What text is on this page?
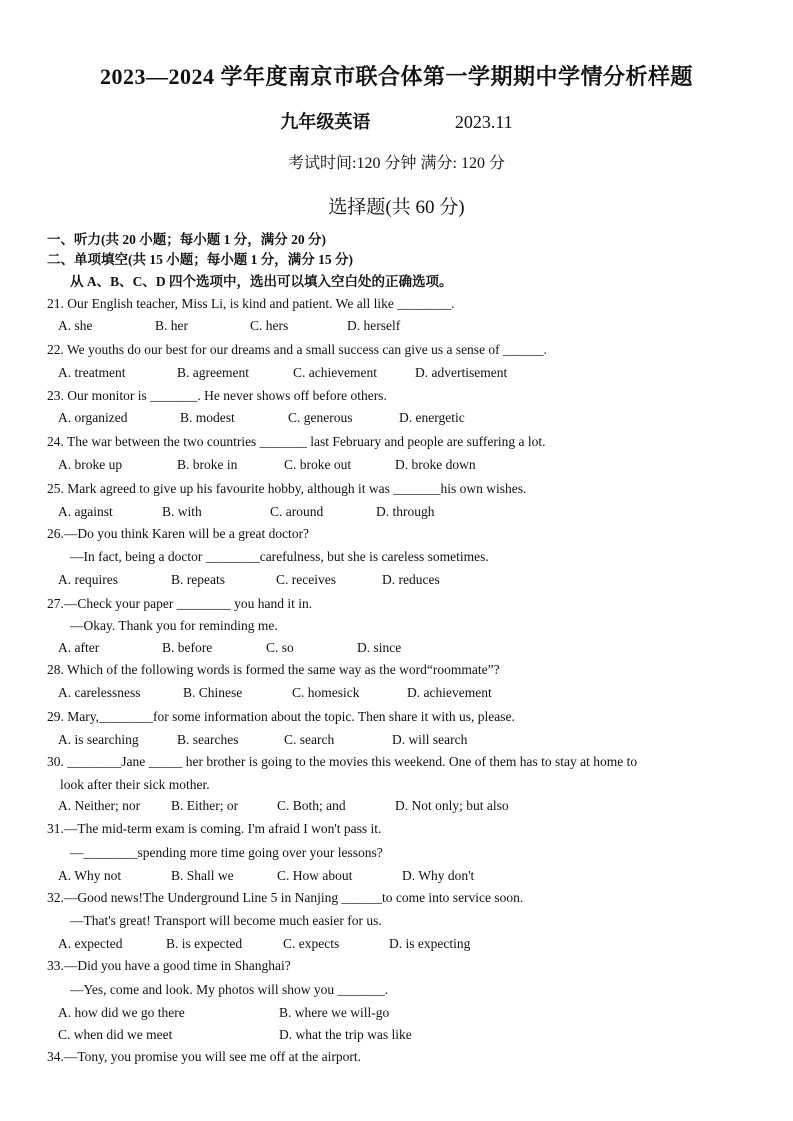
2023—2024 学年度南京市联合体第一学期期中学情分析样题
九年级英语	2023.11
考试时间:120 分钟 满分: 120 分
选择题(共 60 分)
一、听力(共 20 小题；每小题 1 分，满分 20 分)
二、单项填空(共 15 小题；每小题 1 分，满分 15 分)
从 A、B、C、D 四个选项中，选出可以填入空白处的正确选项。
21. Our English teacher, Miss Li, is kind and patient. We all like ________.
A. she	B. her	C. hers	D. herself
22. We youths do our best for our dreams and a small success can give us a sense of ______.
A. treatment	B. agreement	C. achievement	D. advertisement
23. Our monitor is _______. He never shows off before others.
A. organized	B. modest	C. generous	D. energetic
24. The war between the two countries _______ last February and people are suffering a lot.
A. broke up	B. broke in	C. broke out	D. broke down
25. Mark agreed to give up his favourite hobby, although it was _______his own wishes.
A. against	B. with	C. around	D. through
26.—Do you think Karen will be a great doctor?
—In fact, being a doctor ________carefulness, but she is careless sometimes.
A. requires	B. repeats	C. receives	D. reduces
27.—Check your paper ________ you hand it in.
—Okay. Thank you for reminding me.
A. after	B. before	C. so	D. since
28. Which of the following words is formed the same way as the word“roommate”?
A. carelessness	B. Chinese	C. homesick	D. achievement
29. Mary,________for some information about the topic. Then share it with us, please.
A. is searching	B. searches	C. search	D. will search
30. ________Jane _____ her brother is going to the movies this weekend. One of them has to stay at home to
look after their sick mother.
A. Neither; nor B. Either; or	C. Both; and	D. Not only; but also
31.—The mid-term exam is coming. I'm afraid I won't pass it.
—________spending more time going over your lessons?
A. Why not	B. Shall we	C. How about	D. Why don't
32.—Good news!The Underground Line 5 in Nanjing ______to come into service soon.
—That's great! Transport will become much easier for us.
A. expected	B. is expected	C. expects	D. is expecting
33.—Did you have a good time in Shanghai?
—Yes, come and look. My photos will show you _______.
A. how did we go there	B. where we will-go
C. when did we meet	D. what the trip was like
34.—Tony, you promise you will see me off at the airport.
